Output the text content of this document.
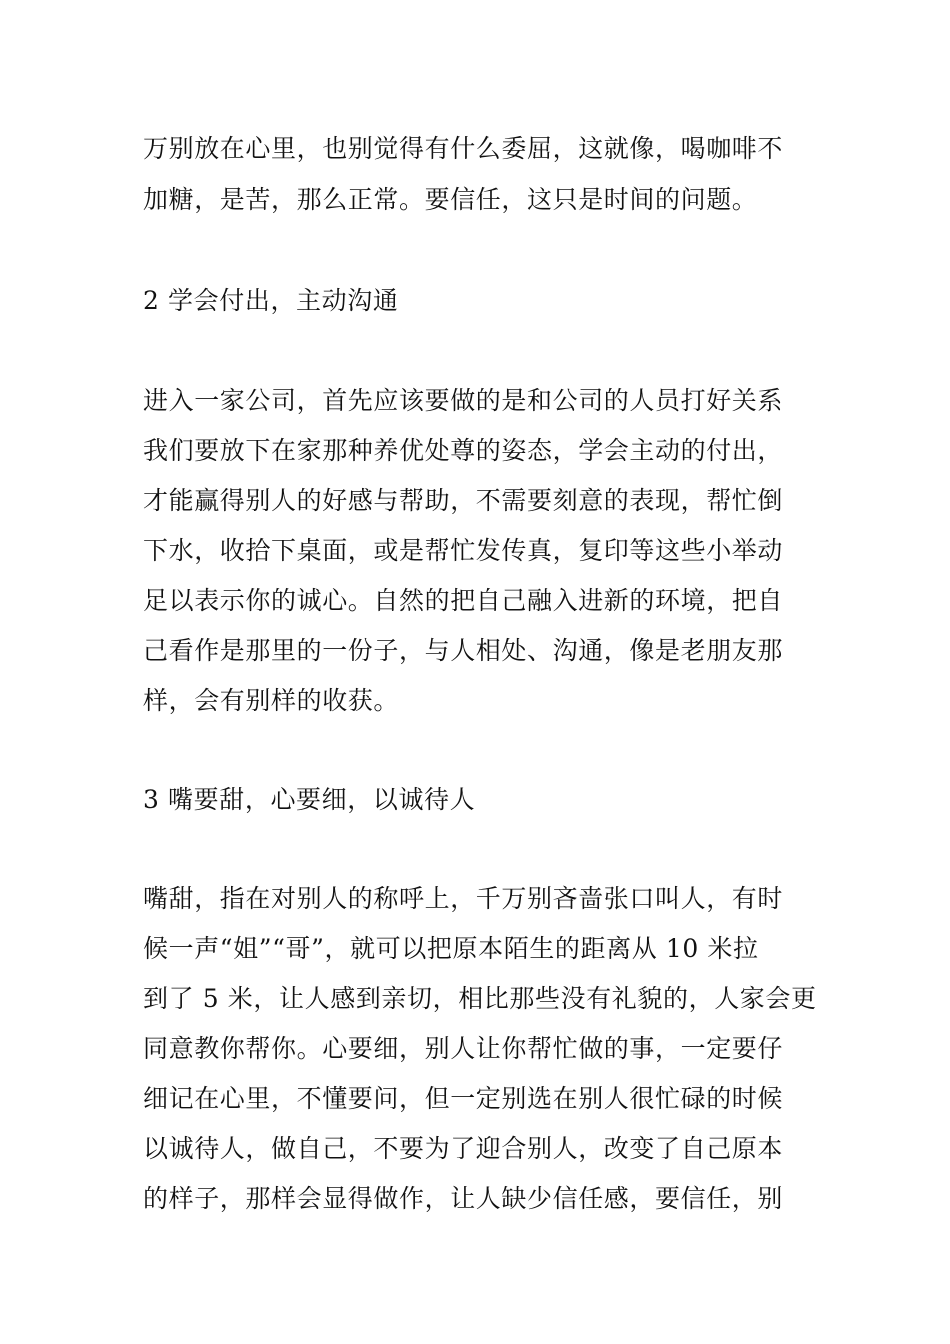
万别放在心里，也别觉得有什么委屈，这就像，喝咖啡不
加糖，是苦，那么正常。要信任，这只是时间的问题。
2 学会付出，主动沟通
进入一家公司，首先应该要做的是和公司的人员打好关系
我们要放下在家那种养优处尊的姿态，学会主动的付出，
才能赢得别人的好感与帮助，不需要刻意的表现，帮忙倒
下水，收拾下桌面，或是帮忙发传真，复印等这些小举动
足以表示你的诚心。自然的把自己融入进新的环境，把自
己看作是那里的一份子，与人相处、沟通，像是老朋友那
样，会有别样的收获。
3 嘴要甜，心要细，以诚待人
嘴甜，指在对别人的称呼上，千万别吝啬张口叫人，有时
候一声“姐”“哥”，就可以把原本陌生的距离从 10 米拉
到了 5 米，让人感到亲切，相比那些没有礼貌的，人家会更
同意教你帮你。心要细，别人让你帮忙做的事，一定要仔
细记在心里，不懂要问，但一定别选在别人很忙碌的时候
以诚待人，做自己，不要为了迎合别人，改变了自己原本
的样子，那样会显得做作，让人缺少信任感，要信任，别
